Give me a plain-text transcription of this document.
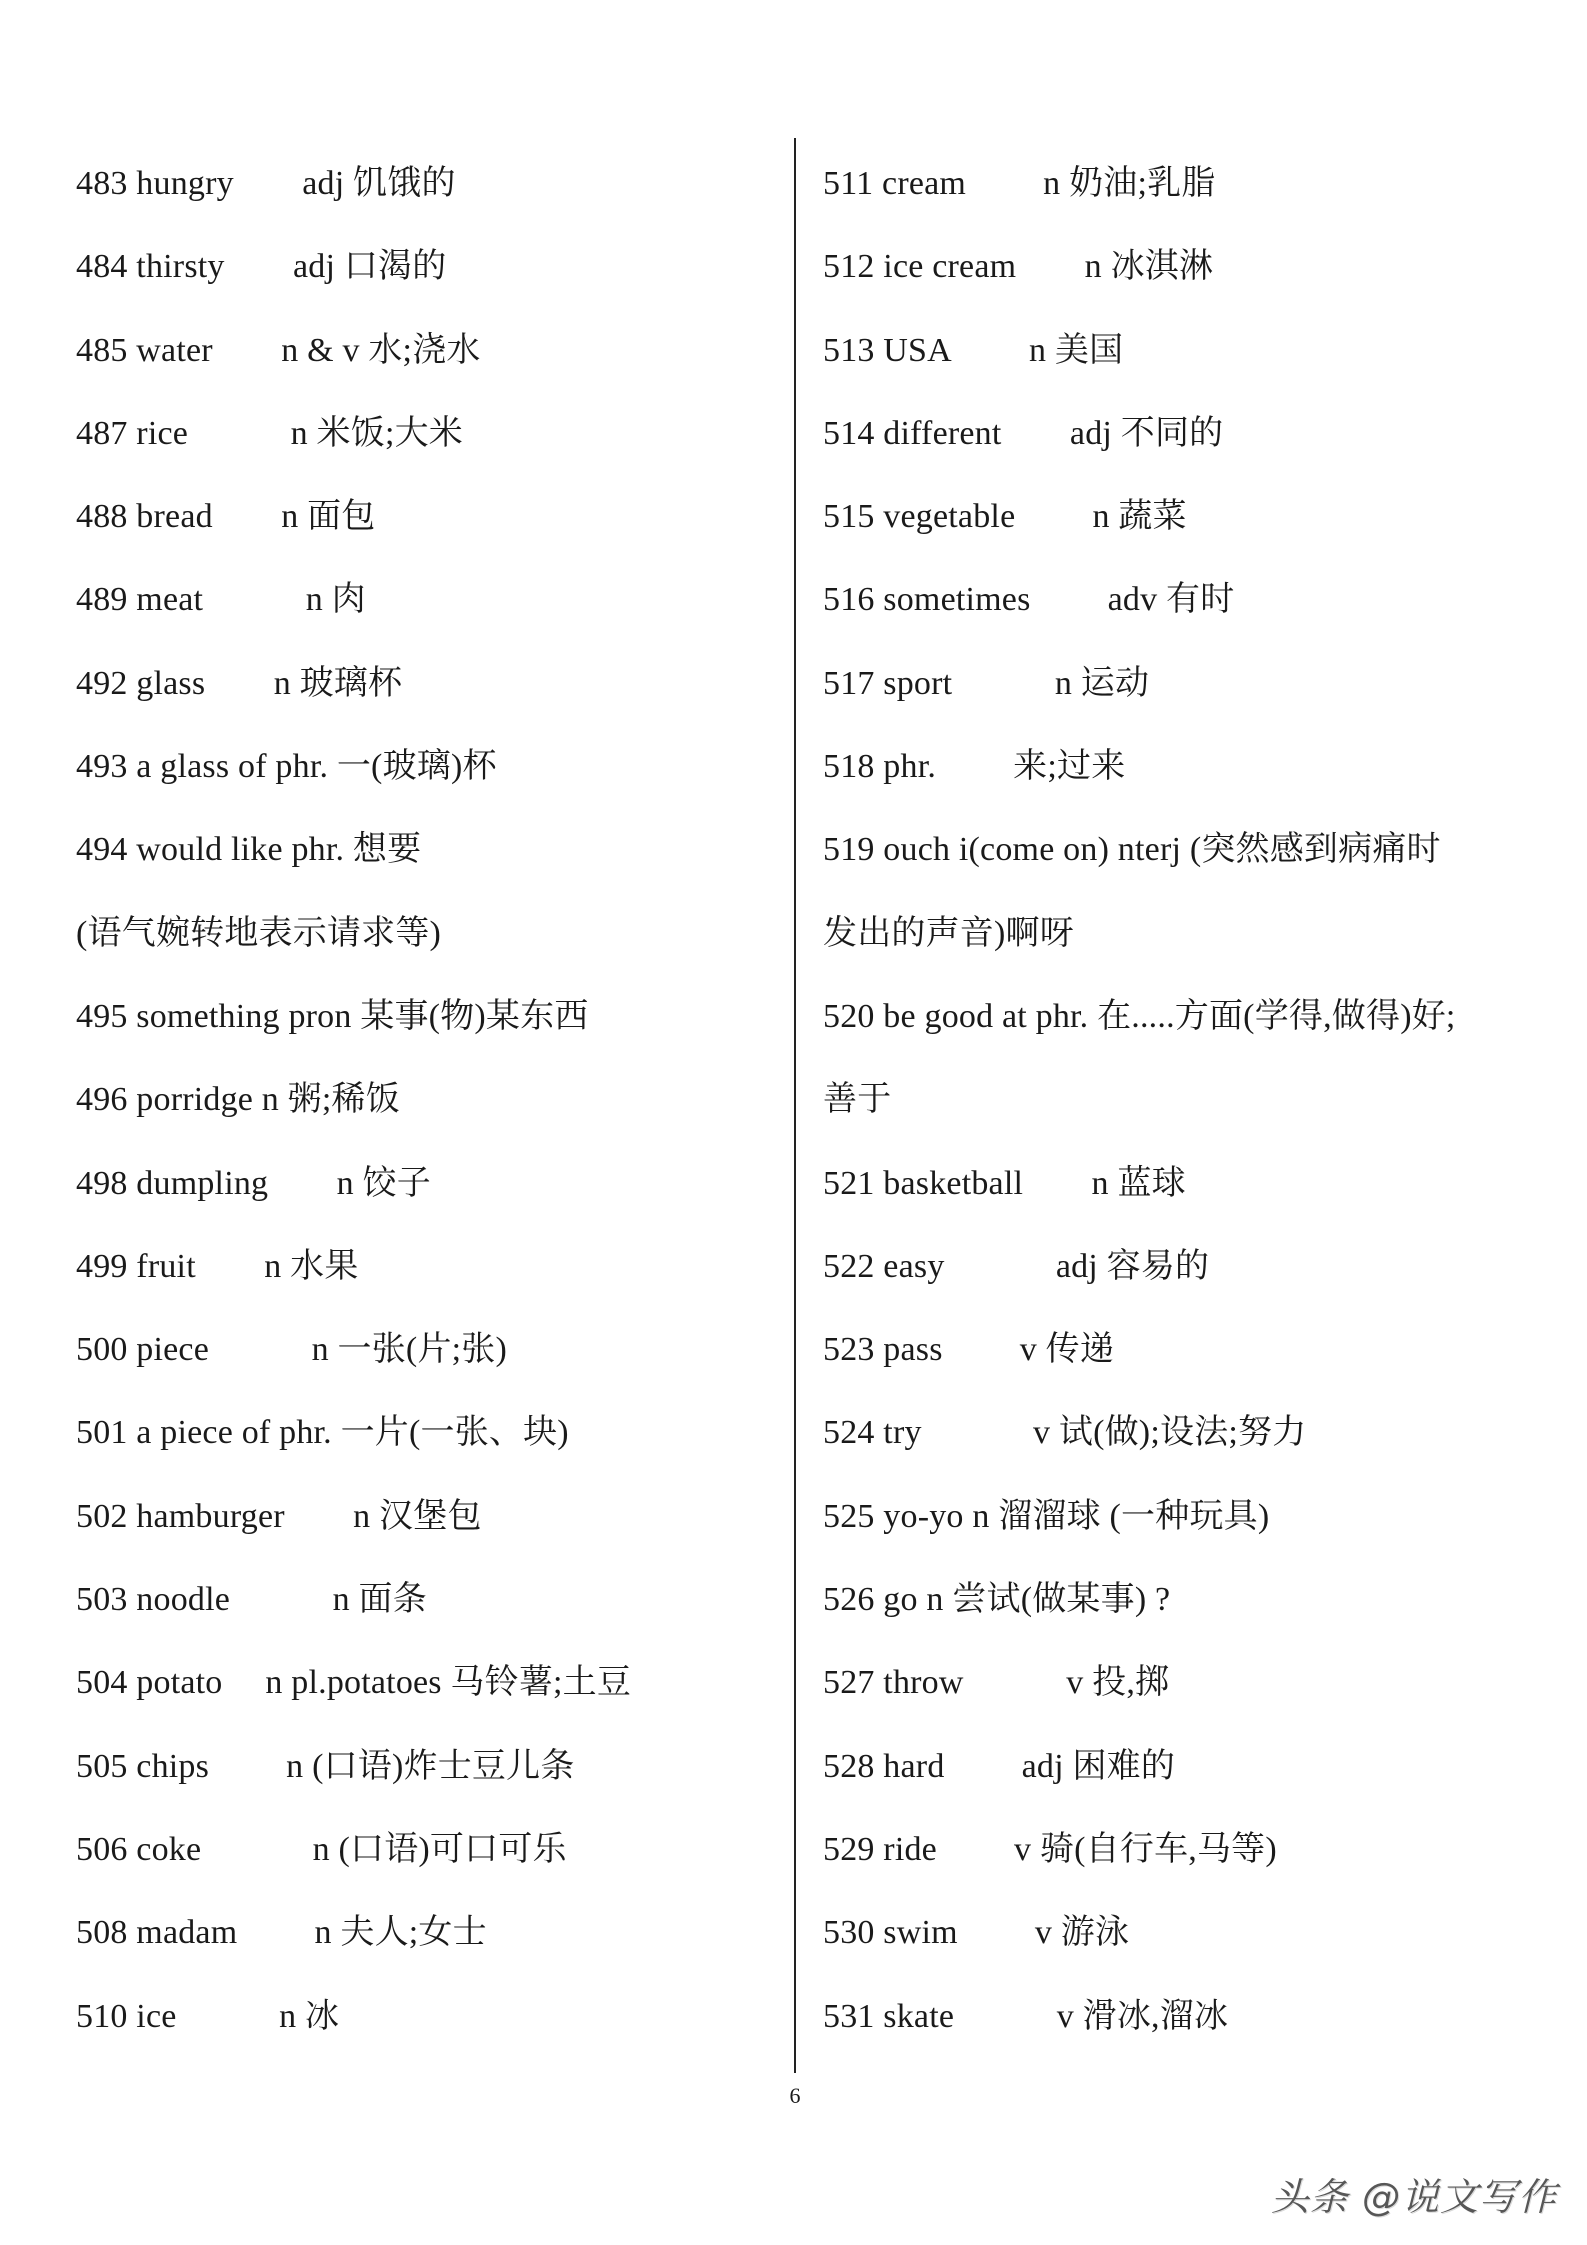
483 hungry  adj 饥饿的
484 thirsty  adj 口渴的
485 water  n & v 水;浇水
487 rice   n 米饭;大米
488 bread  n 面包
489 meat   n 肉
492 glass  n 玻璃杯
493 a glass of phr. 一(玻璃)杯
494 would like phr. 想要
(语气婉转地表示请求等)
495 something pron 某事(物)某东西
496 porridge n 粥;稀饭
498 dumpling  n 饺子
499 fruit  n 水果
500 piece   n 一张(片;张)
501 a piece of phr. 一片(一张、块)
502 hamburger  n 汉堡包
503 noodle   n 面条
504 potato  n pl.potatoes 马铃薯;土豆
505 chips   n (口语)炸士豆儿条
506 coke    n (口语)可口可乐
508 madam   n 夫人;女士
510 ice   n 冰
511 cream   n 奶油;乳脂
512 ice cream  n 冰淇淋
513 USA   n 美国
514 different  adj 不同的
515 vegetable   n 蔬菜
516 sometimes   adv 有时
517 sport   n 运动
518 phr.   来;过来
519 ouch i(come on) nterj (突然感到病痛时
发出的声音)啊呀
520 be good at phr. 在.....方面(学得,做得)好;
善于
521 basketball  n 蓝球
522 easy    adj 容易的
523 pass   v 传递
524 try    v 试(做);设法;努力
525 yo-yo n 溜溜球 (一种玩具)
526 go n 尝试(做某事) ?
527 throw   v 投,掷
528 hard   adj 困难的
529 ride   v 骑(自行车,马等)
530 swim   v 游泳
531 skate   v 滑冰,溜冰
6
头条 @说文写作
